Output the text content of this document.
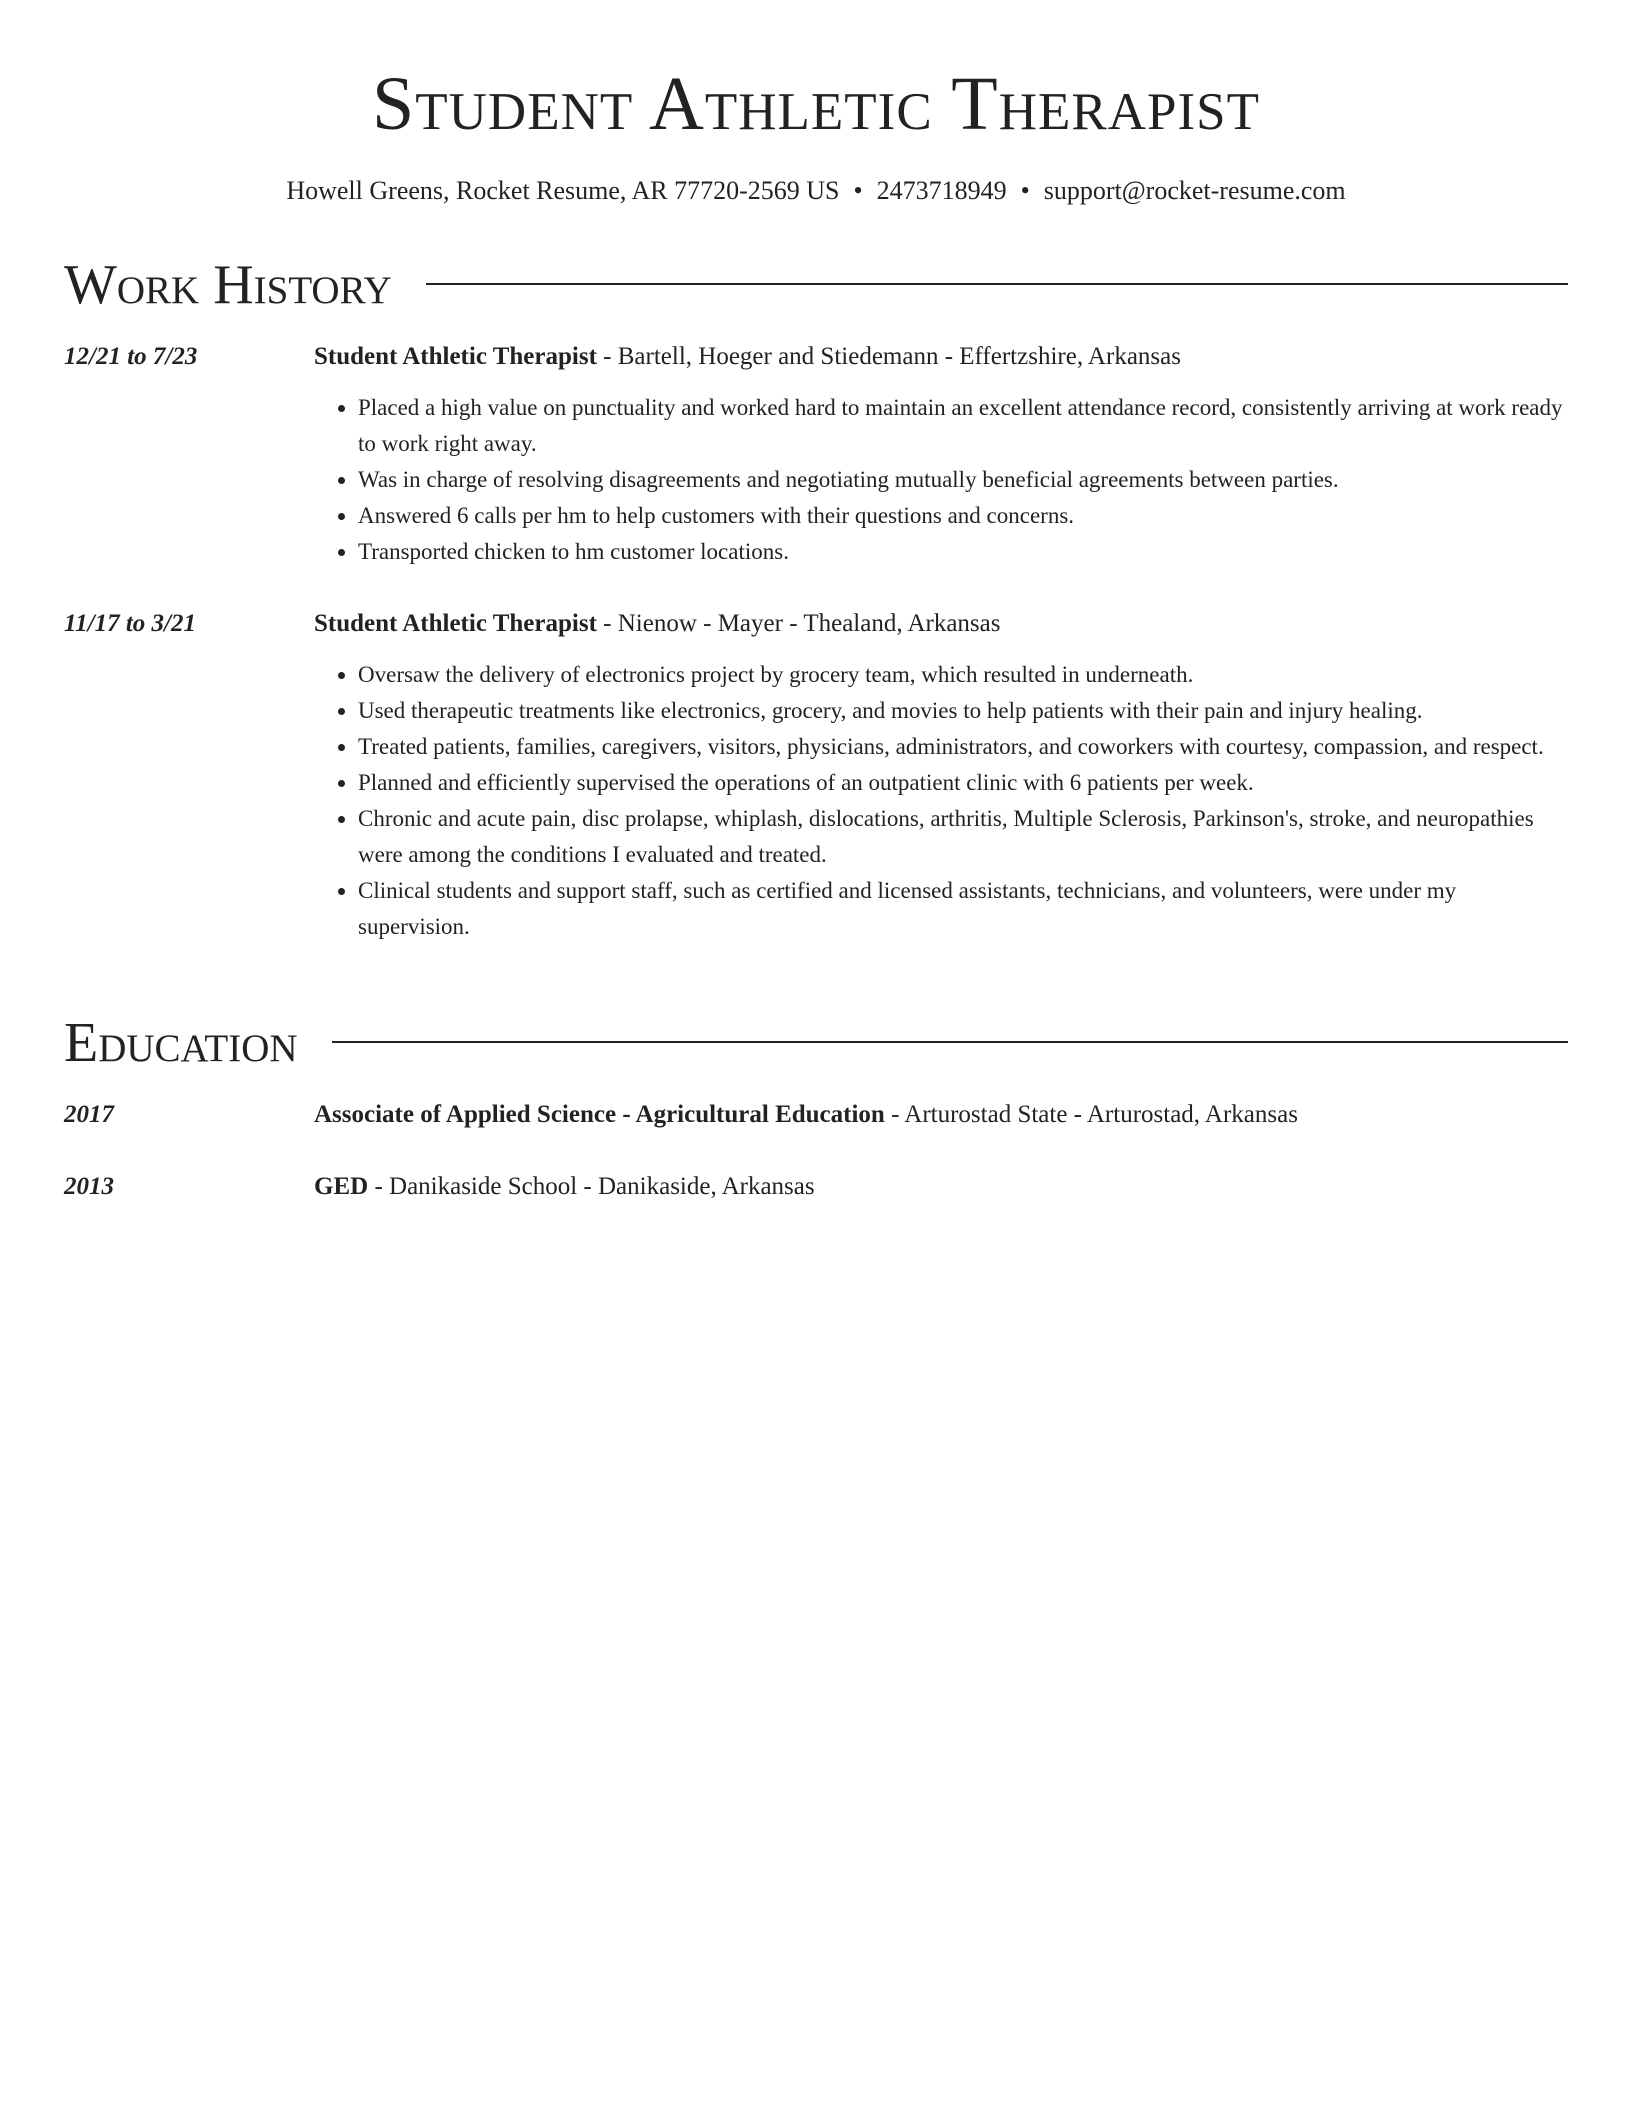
Student Athletic Therapist
Howell Greens, Rocket Resume, AR 77720-2569 US • 2473718949 • support@rocket-resume.com
Work History
12/21 to 7/23	Student Athletic Therapist - Bartell, Hoeger and Stiedemann - Effertzshire, Arkansas
• Placed a high value on punctuality and worked hard to maintain an excellent attendance record, consistently arriving at work ready to work right away.
• Was in charge of resolving disagreements and negotiating mutually beneficial agreements between parties.
• Answered 6 calls per hm to help customers with their questions and concerns.
• Transported chicken to hm customer locations.
11/17 to 3/21	Student Athletic Therapist - Nienow - Mayer - Thealand, Arkansas
• Oversaw the delivery of electronics project by grocery team, which resulted in underneath.
• Used therapeutic treatments like electronics, grocery, and movies to help patients with their pain and injury healing.
• Treated patients, families, caregivers, visitors, physicians, administrators, and coworkers with courtesy, compassion, and respect.
• Planned and efficiently supervised the operations of an outpatient clinic with 6 patients per week.
• Chronic and acute pain, disc prolapse, whiplash, dislocations, arthritis, Multiple Sclerosis, Parkinson's, stroke, and neuropathies were among the conditions I evaluated and treated.
• Clinical students and support staff, such as certified and licensed assistants, technicians, and volunteers, were under my supervision.
Education
2017	Associate of Applied Science - Agricultural Education - Arturostad State - Arturostad, Arkansas
2013	GED - Danikaside School - Danikaside, Arkansas
